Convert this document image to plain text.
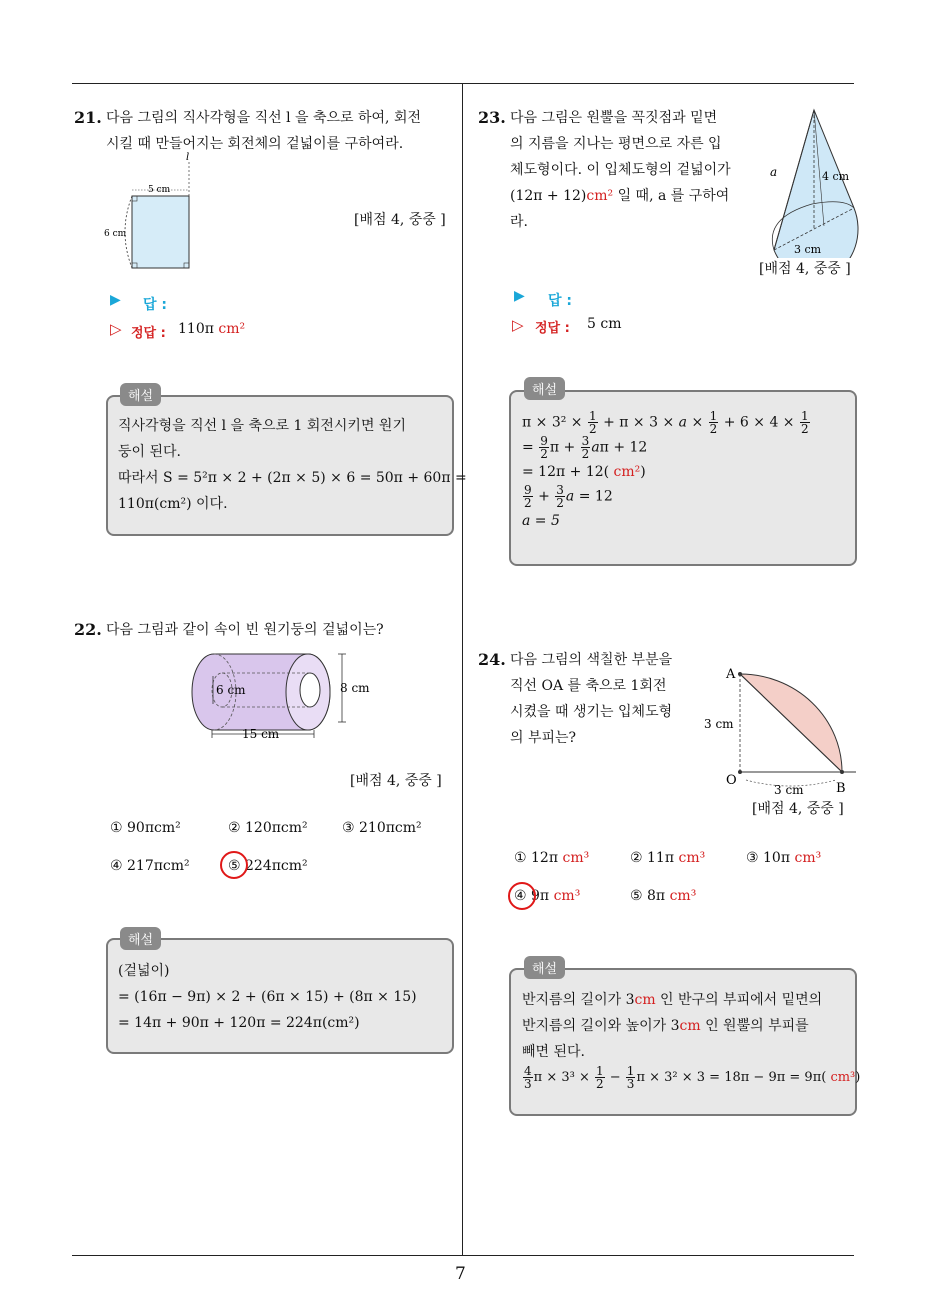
7
21. 다음 그림의 직사각형을 직선 l 을 축으로 하여, 회전
시킬 때 만들어지는 회전체의 겉넓이를 구하여라.
l
5 cm
6 cm
[배점 4, 중중 ]
▶ 답 :
▷ 정답 : 110π cm²
해설
직사각형을 직선 l 을 축으로 1 회전시키면 원기
둥이 된다.
따라서 S = 5²π × 2 + (2π × 5) × 6 = 50π + 60π =
110π(cm²) 이다.
22. 다음 그림과 같이 속이 빈 원기둥의 겉넓이는?
6 cm	8 cm
15 cm
[배점 4, 중중 ]
① 90πcm²	② 120πcm² ③ 210πcm²
④ 217πcm²	⑤ 224πcm²
해설
(겉넓이)
= (16π − 9π) × 2 + (6π × 15) + (8π × 15)
= 14π + 90π + 120π = 224π(cm²)
23. 다음 그림은 원뿔을 꼭짓점과 밑면
의 지름을 지나는 평면으로 자른 입
체도형이다. 이 입체도형의 겉넓이가
(12π + 12)cm² 일 때, a 를 구하여
라.
a	4 cm
3 cm
[배점 4, 중중 ]
▶ 답 :
▷ 정답 : 5 cm
해설
$\pi \times 3^2 \times \frac{1}{2} + \pi \times 3 \times a \times \frac{1}{2} + 6 \times 4 \times \frac{1}{2}$
= $\frac{9}{2}$ $\pi + \frac{3}{2}$ aπ + 12
= 12π + 12( cm²)
$\frac{9}{2} + \frac{3}{2}$ a = 12
a = 5
24. 다음 그림의 색칠한 부분을
직선 OA 를 축으로 1회전
시켰을 때 생기는 입체도형
의 부피는?
A
O
B
3 cm
3 cm
[배점 4, 중중 ]
① 12π cm³	② 11π cm³	③ 10π cm³
④ 9π cm³	⑤ 8π cm³
해설
반지름의 길이가 3cm 인 반구의 부피에서 밑면의
반지름의 길이와 높이가 3cm 인 원뿔의 부피를
빼면 된다.
$\frac{4}{3}$ $\pi \times 3^3 \times \frac{1}{2} - \frac{1}{3}$ π × 3² × 3 = 18π − 9π = 9π( cm³)
